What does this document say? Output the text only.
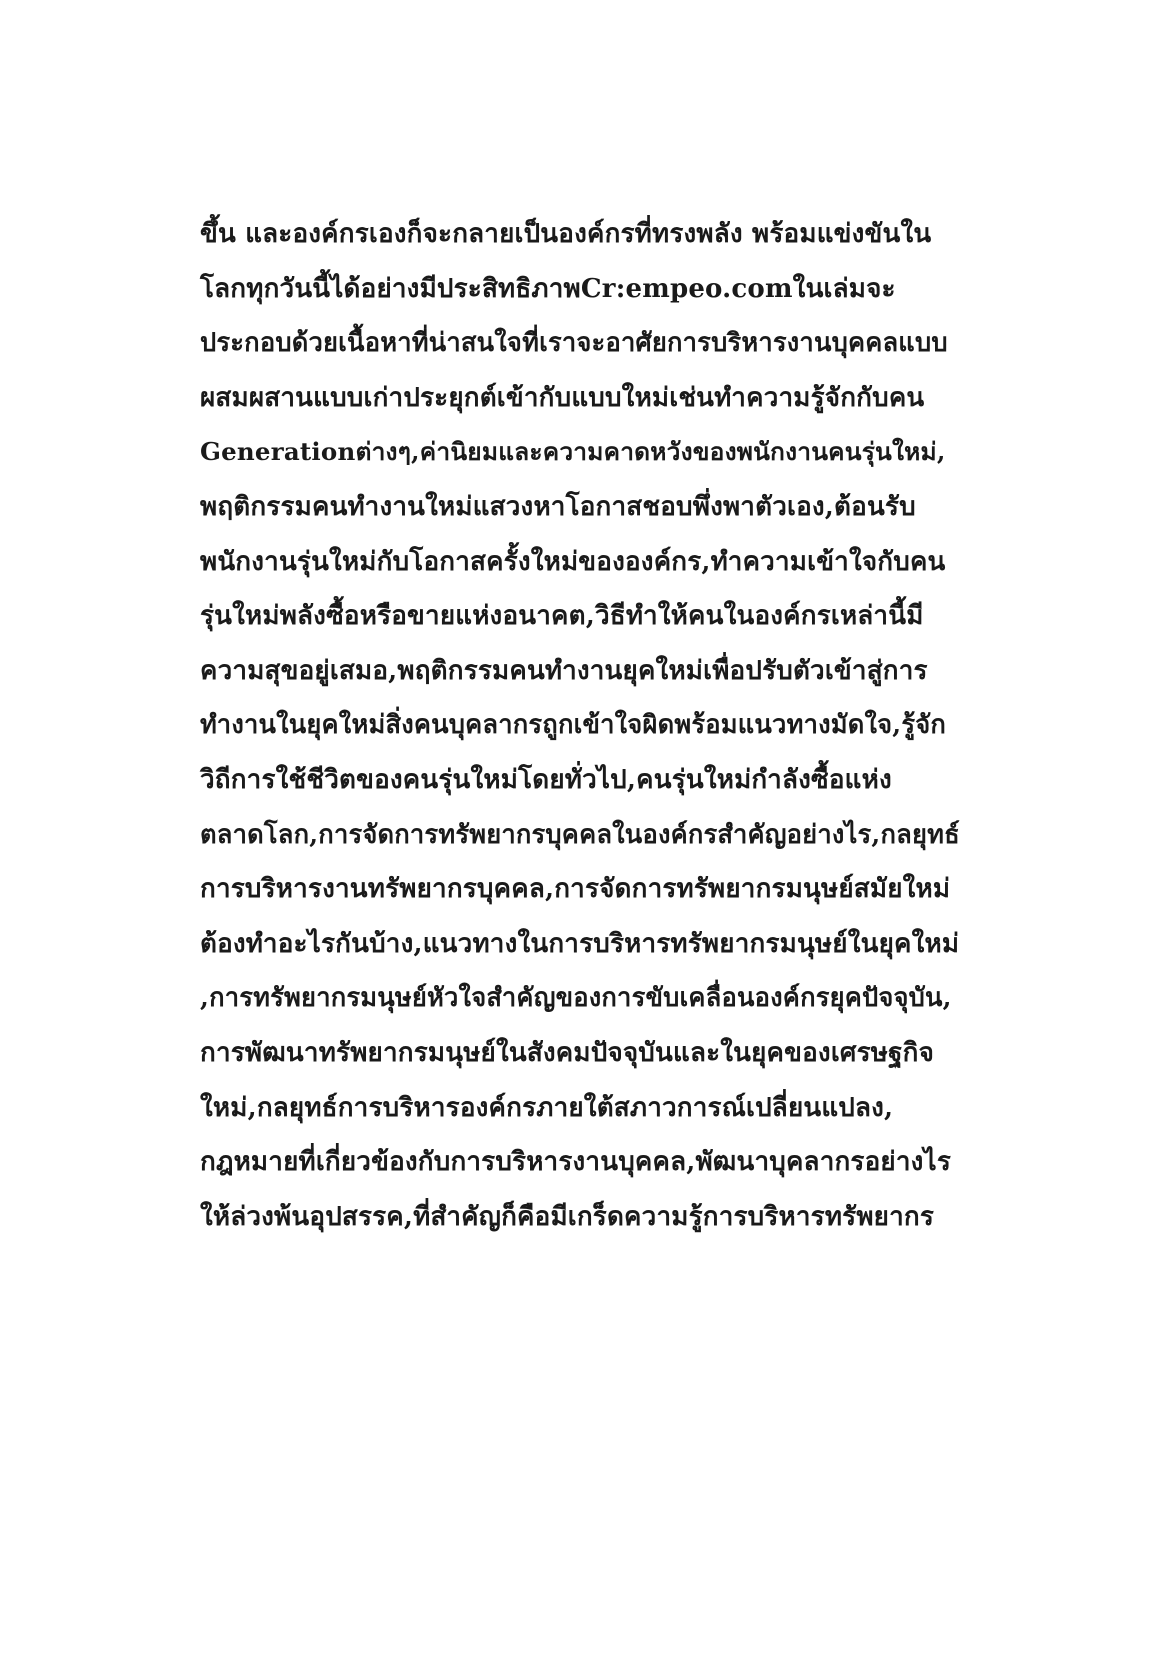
ขึ้น และองค์กรเองก็จะกลายเป็นองค์กรที่ทรงพลัง พร้อมแข่งขันใน
โลกทุกวันนี้ได้อย่างมีประสิทธิภาพCr:empeo.comในเล่มจะ
ประกอบด้วยเนื้อหาที่น่าสนใจที่เราจะอาศัยการบริหารงานบุคคลแบบ
ผสมผสานแบบเก่าประยุกต์เข้ากับแบบใหม่เช่นทำความรู้จักกับคน
Generationต่างๆ,ค่านิยมและความคาดหวังของพนักงานคนรุ่นใหม่,
พฤติกรรมคนทำงานใหม่แสวงหาโอกาสชอบพึ่งพาตัวเอง,ต้อนรับ
พนักงานรุ่นใหม่กับโอกาสครั้งใหม่ขององค์กร,ทำความเข้าใจกับคน
รุ่นใหม่พลังซื้อหรือขายแห่งอนาคต,วิธีทำให้คนในองค์กรเหล่านี้มี
ความสุขอยู่เสมอ,พฤติกรรมคนทำงานยุคใหม่เพื่อปรับตัวเข้าสู่การ
ทำงานในยุคใหม่สิ่งคนบุคลากรถูกเข้าใจผิดพร้อมแนวทางมัดใจ,รู้จัก
วิถีการใช้ชีวิตของคนรุ่นใหม่โดยทั่วไป,คนรุ่นใหม่กำลังซื้อแห่ง
ตลาดโลก,การจัดการทรัพยากรบุคคลในองค์กรสำคัญอย่างไร,กลยุทธ์
การบริหารงานทรัพยากรบุคคล,การจัดการทรัพยากรมนุษย์สมัยใหม่
ต้องทำอะไรกันบ้าง,แนวทางในการบริหารทรัพยากรมนุษย์ในยุคใหม่
,การทรัพยากรมนุษย์หัวใจสำคัญของการขับเคลื่อนองค์กรยุคปัจจุบัน,
การพัฒนาทรัพยากรมนุษย์ในสังคมปัจจุบันและในยุคของเศรษฐกิจ
ใหม่,กลยุทธ์การบริหารองค์กรภายใต้สภาวการณ์เปลี่ยนแปลง,
กฎหมายที่เกี่ยวข้องกับการบริหารงานบุคคล,พัฒนาบุคลากรอย่างไร
ให้ล่วงพ้นอุปสรรค,ที่สำคัญก็คือมีเกร็ดความรู้การบริหารทรัพยากร
